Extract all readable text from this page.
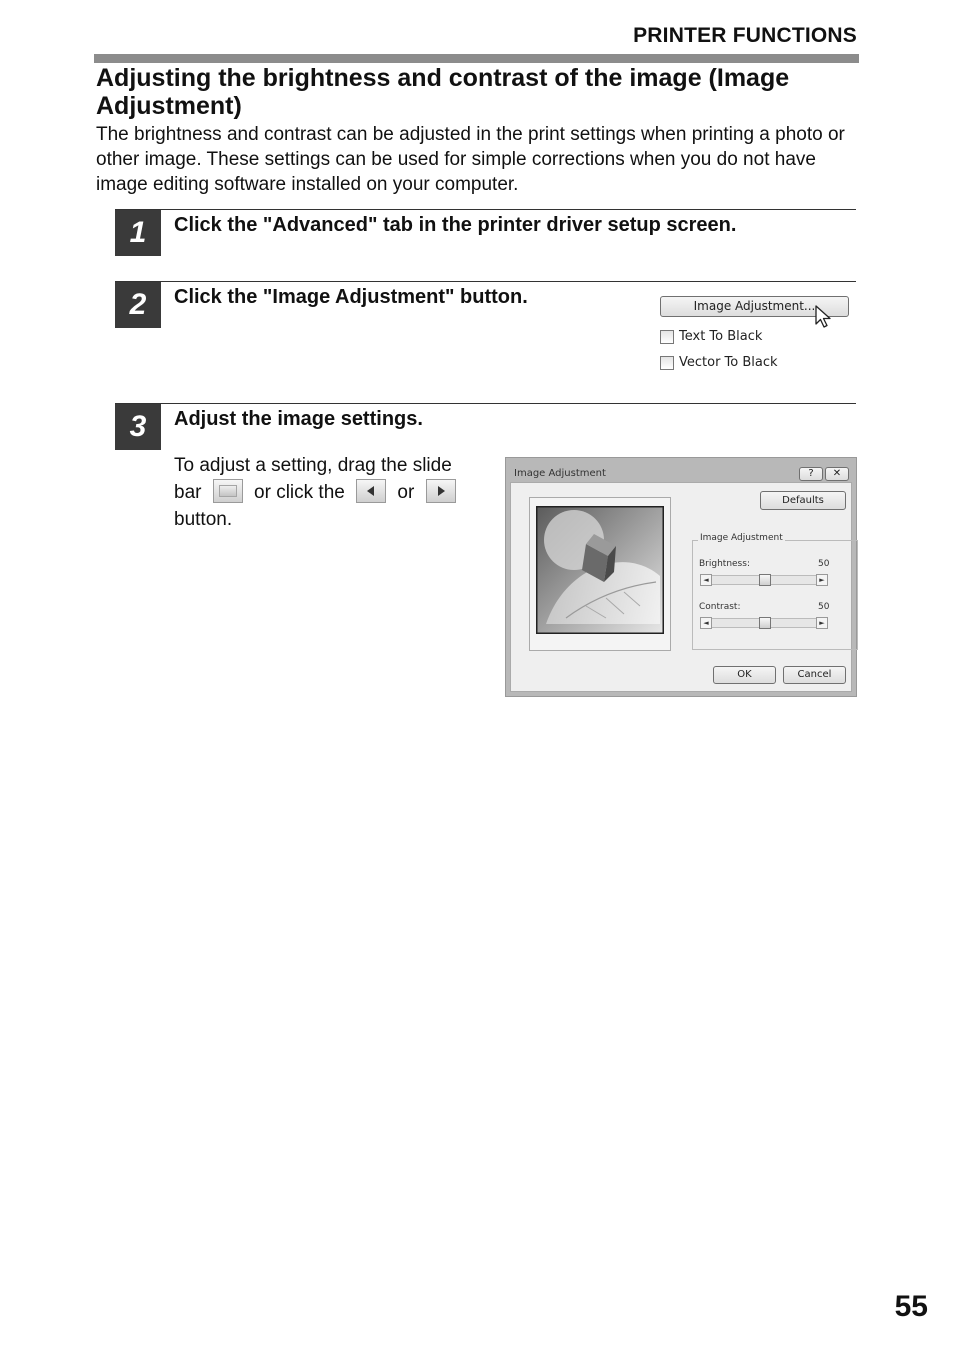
PRINTER FUNCTIONS
Adjusting the brightness and contrast of the image (Image Adjustment)

The brightness and contrast can be adjusted in the print settings when printing a photo or other image. These settings can be used for simple corrections when you do not have image editing software installed on your computer.

1	Click the "Advanced" tab in the printer driver setup screen.
2	Click the "Image Adjustment" button.	Image Adjustment...
Text To Black
Vector To Black
3	Adjust the image settings.
To adjust a setting, drag the slide bar	or click the	or
button.
Image Adjustment	?	✕
Defaults
Image Adjustment
Brightness:	50
◄	►
Contrast:	50
◄	►
OK	Cancel
55
